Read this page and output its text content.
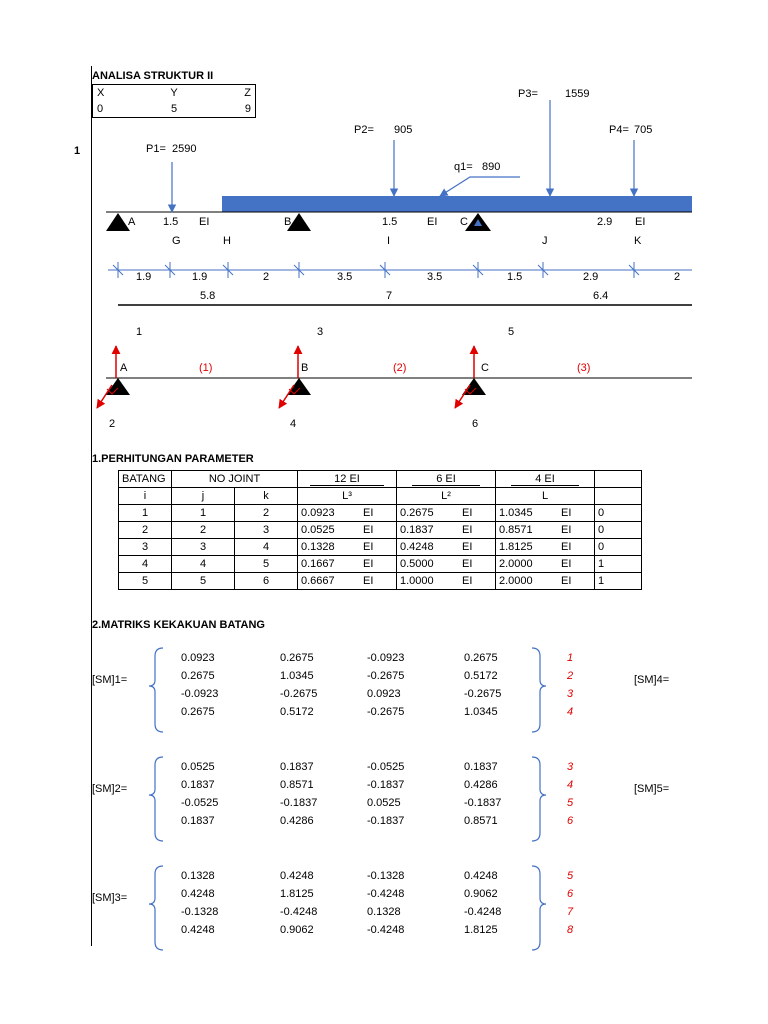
ANALISA STRUKTUR II
X	Y	Z
0	5	9
1	P1= 2590
P2= 905
P3= 1559
P4= 705
q1= 890
A	1.5 EI	B	1.5	EI C	2.9 EI
G	H	I	J	K
1.9	1.9	2	3.5	3.5	1.5	2.9	2
5.8	7	6.4
1
2
3
4
5
6
A	B	C
(1)	(2)	(3)
1.PERHITUNGAN PARAMETER
BATANG	NO JOINT		12 EI		6 EI		4 EI		
i	j	k	L³		L²		L		
1	1	2	0.0923	EI	0.2675	EI	1.0345	EI	0
2	2	3	0.0525	EI	0.1837	EI	0.8571	EI	0
3	3	4	0.1328	EI	0.4248	EI	1.8125	EI	0
4	4	5	0.1667	EI	0.5000	EI	2.0000	EI	1
5	5	6	0.6667	EI	1.0000	EI	2.0000	EI	1
2.MATRIKS KEKAKUAN BATANG
[SM]4=
[SM]5=
[SM]1=
0.0923	0.2675	-0.0923	0.2675	1
0.2675	1.0345	-0.2675	0.5172	2
-0.0923	-0.2675	0.0923	-0.2675	3
0.2675	0.5172	-0.2675	1.0345	4
[SM]2=
0.0525	0.1837	-0.0525	0.1837	3
0.1837	0.8571	-0.1837	0.4286	4
-0.0525	-0.1837	0.0525	-0.1837	5
0.1837	0.4286	-0.1837	0.8571	6
[SM]3=
0.1328	0.4248	-0.1328	0.4248	5
0.4248	1.8125	-0.4248	0.9062	6
-0.1328	-0.4248	0.1328	-0.4248	7
0.4248	0.9062	-0.4248	1.8125	8
